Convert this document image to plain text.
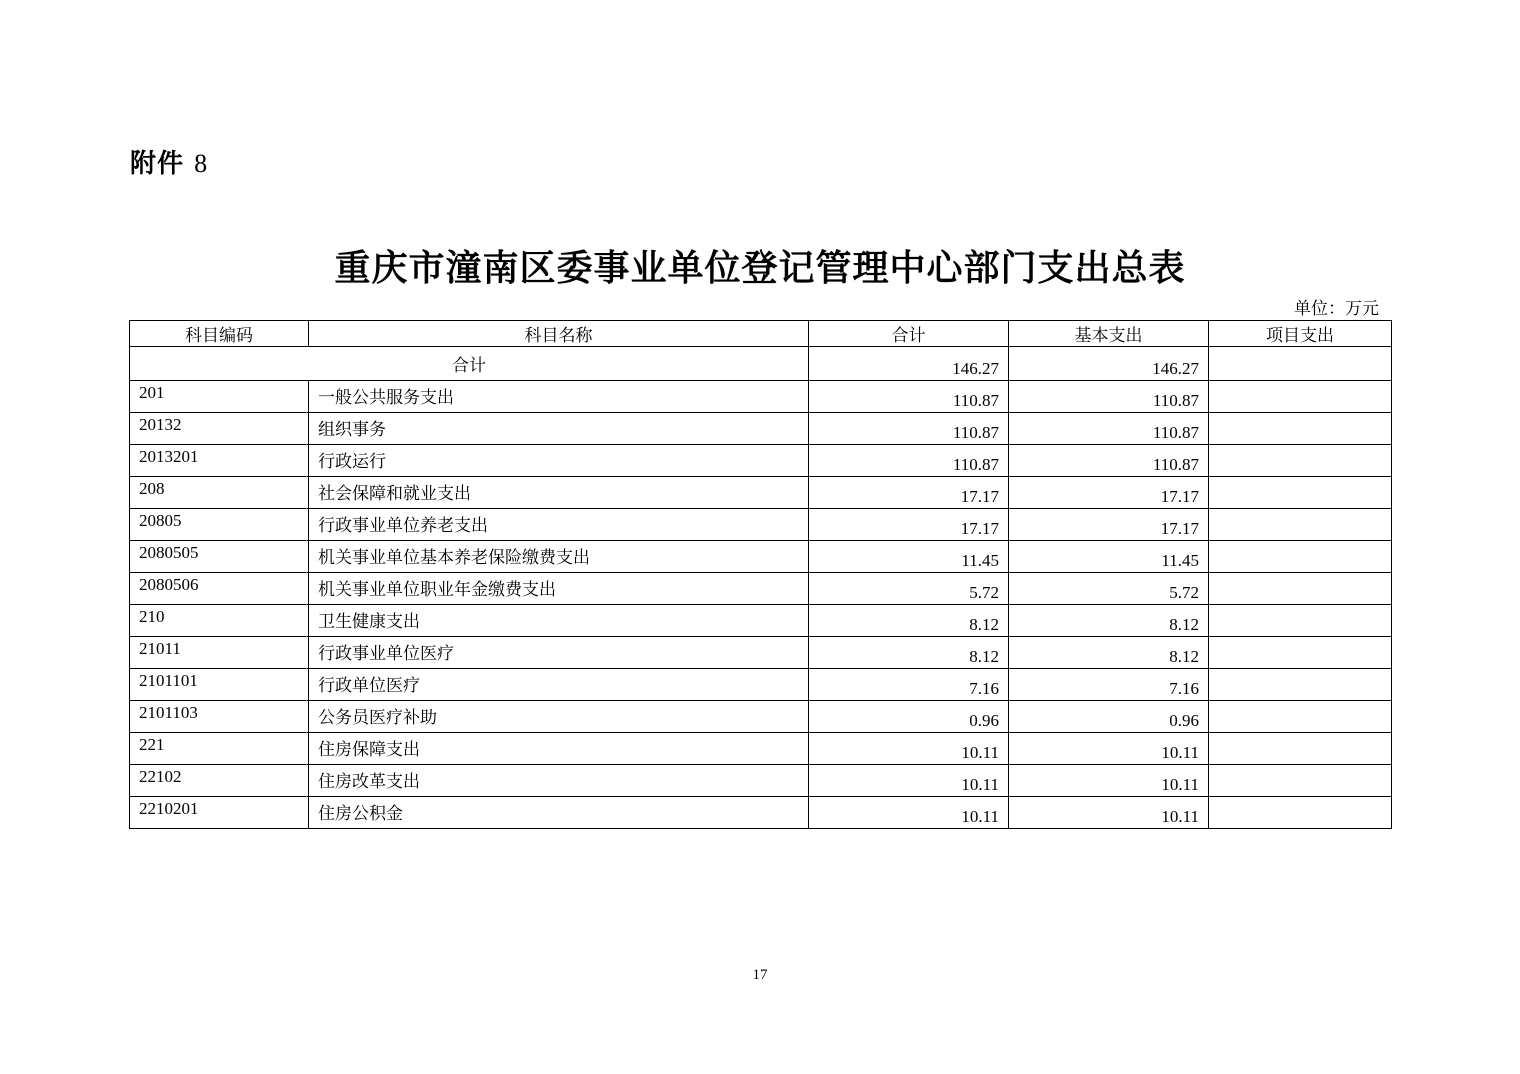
附件 8
重庆市潼南区委事业单位登记管理中心部门支出总表
单位：万元
科目编码	科目名称	合计	基本支出	项目支出
合计		146.27	146.27	
201	一般公共服务支出	110.87	110.87	
20132	组织事务	110.87	110.87	
2013201	行政运行	110.87	110.87	
208	社会保障和就业支出	17.17	17.17	
20805	行政事业单位养老支出	17.17	17.17	
2080505	机关事业单位基本养老保险缴费支出	11.45	11.45	
2080506	机关事业单位职业年金缴费支出	5.72	5.72	
210	卫生健康支出	8.12	8.12	
21011	行政事业单位医疗	8.12	8.12	
2101101	行政单位医疗	7.16	7.16	
2101103	公务员医疗补助	0.96	0.96	
221	住房保障支出	10.11	10.11	
22102	住房改革支出	10.11	10.11	
2210201	住房公积金	10.11	10.11	
17
